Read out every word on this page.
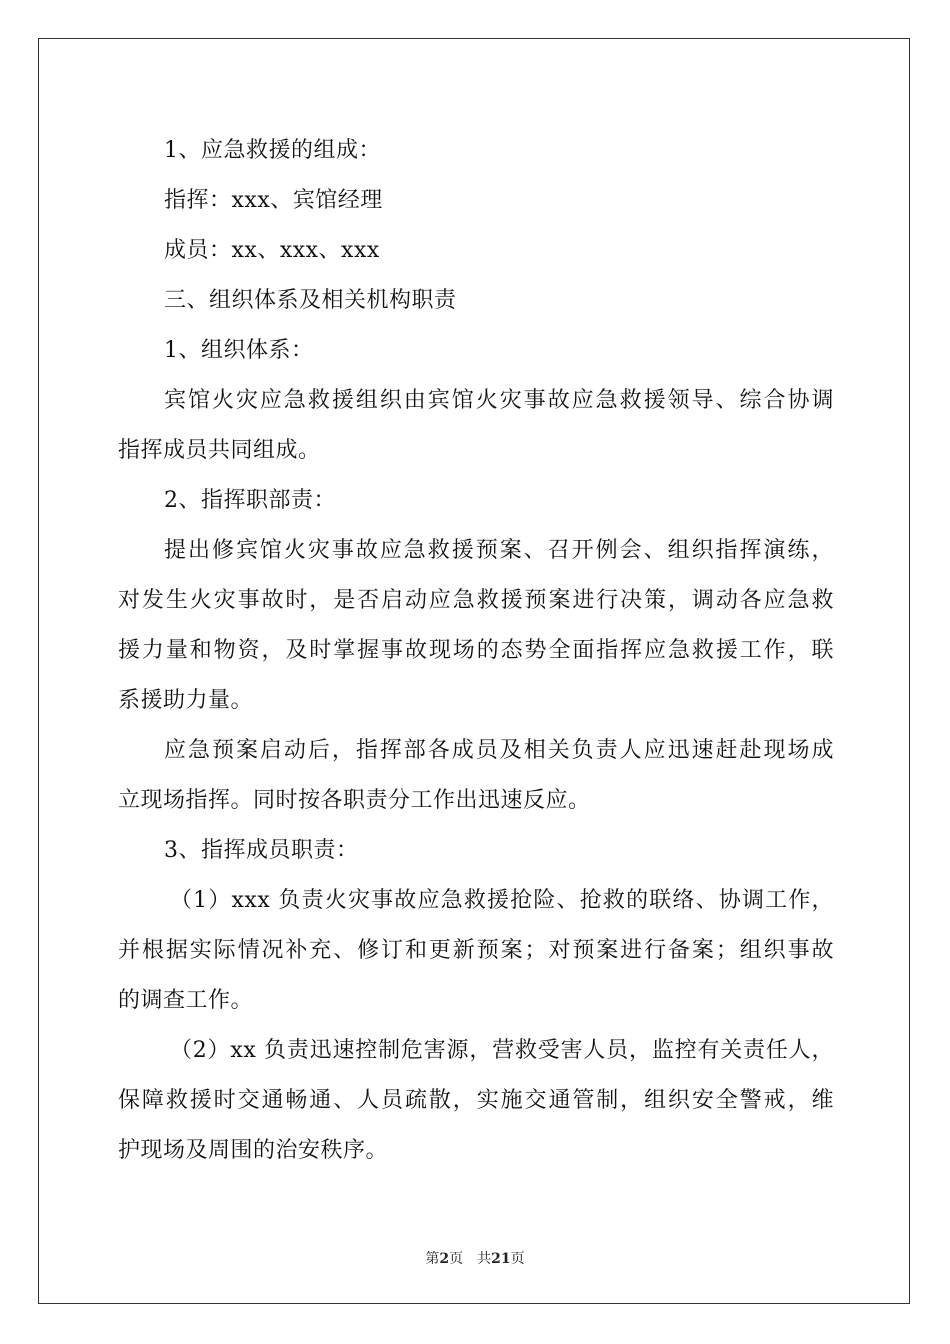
1、应急救援的组成：
指挥：xxx、宾馆经理
成员：xx、xxx、xxx
三、组织体系及相关机构职责
1、组织体系：
宾馆火灾应急救援组织由宾馆火灾事故应急救援领导、综合协调
指挥成员共同组成。
2、指挥职部责：
提出修宾馆火灾事故应急救援预案、召开例会、组织指挥演练，
对发生火灾事故时，是否启动应急救援预案进行决策，调动各应急救
援力量和物资，及时掌握事故现场的态势全面指挥应急救援工作，联
系援助力量。
应急预案启动后，指挥部各成员及相关负责人应迅速赶赴现场成
立现场指挥。同时按各职责分工作出迅速反应。
3、指挥成员职责：
（1）xxx 负责火灾事故应急救援抢险、抢救的联络、协调工作，
并根据实际情况补充、修订和更新预案；对预案进行备案；组织事故
的调查工作。
（2）xx 负责迅速控制危害源，营救受害人员，监控有关责任人，
保障救援时交通畅通、人员疏散，实施交通管制，组织安全警戒，维
护现场及周围的治安秩序。
第2页 共21页
